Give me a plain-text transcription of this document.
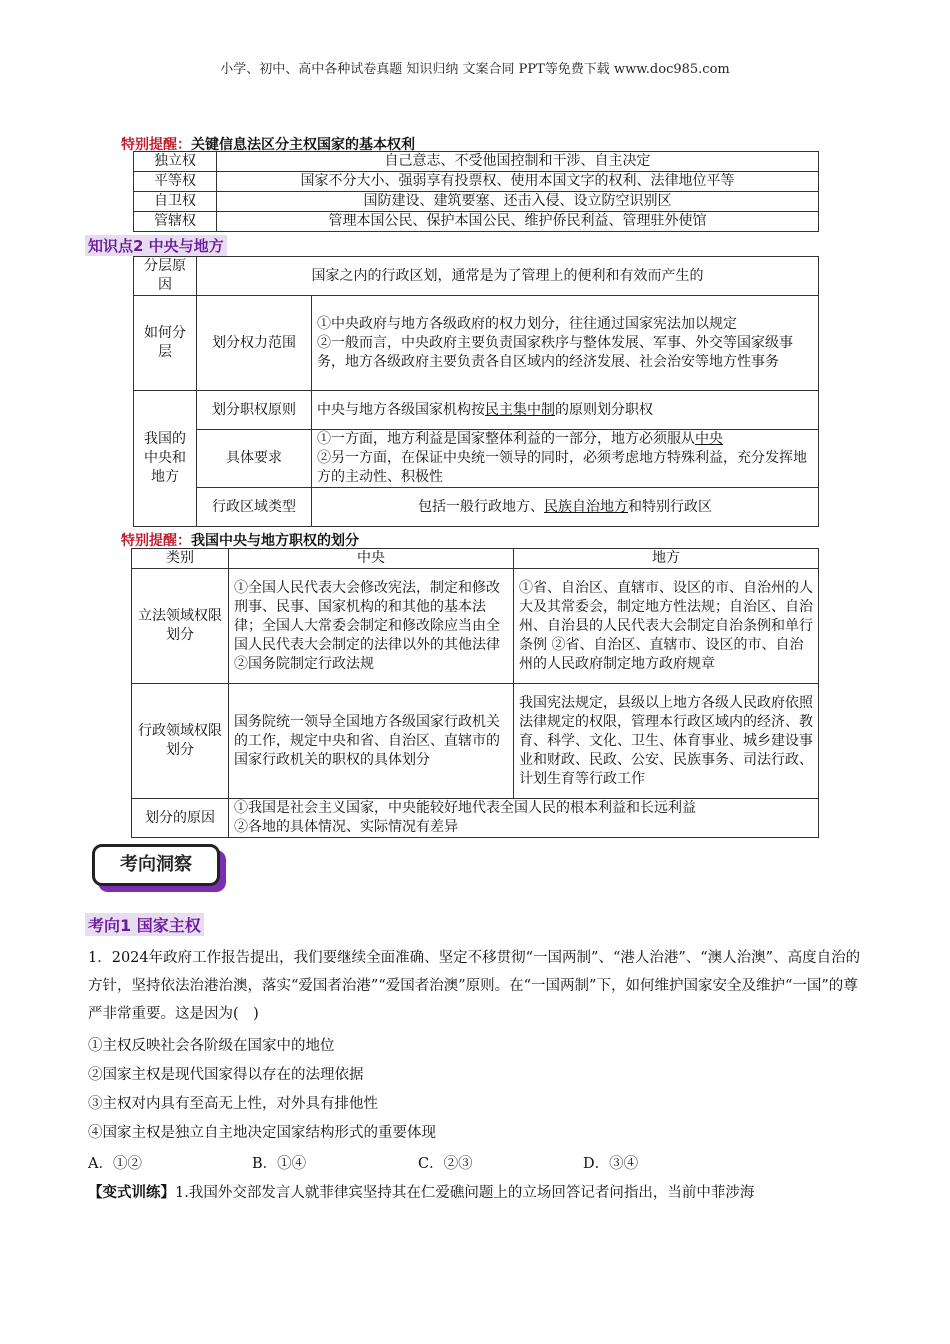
小学、初中、高中各种试卷真题 知识归纳 文案合同 PPT等免费下载 www.doc985.com
特别提醒：关键信息法区分主权国家的基本权利
独立权	自己意志、不受他国控制和干涉、自主决定
平等权	国家不分大小、强弱享有投票权、使用本国文字的权利、法律地位平等
自卫权	国防建设、建筑要塞、还击入侵、设立防空识别区
管辖权	管理本国公民、保护本国公民、维护侨民利益、管理驻外使馆
知识点2 中央与地方
分层原因	国家之内的行政区划，通常是为了管理上的便利和有效而产生的	
如何分层	划分权力范围	①中央政府与地方各级政府的权力划分，往往通过国家宪法加以规定
②一般而言，中央政府主要负责国家秩序与整体发展、军事、外交等国家级事务，地方各级政府主要负责各自区域内的经济发展、社会治安等地方性事务

我国的中央和地方	划分职权原则	中央与地方各级国家机构按民主集中制的原则划分职权
	具体要求	①一方面，地方利益是国家整体利益的一部分，地方必须服从中央
②另一方面，在保证中央统一领导的同时，必须考虑地方特殊利益，充分发挥地方的主动性、积极性

	行政区域类型	包括一般行政地方、民族自治地方和特别行政区
特别提醒：我国中央与地方职权的划分
类别	中央	地方
立法领域权限划分	①全国人民代表大会修改宪法，制定和修改刑事、民事、国家机构的和其他的基本法律；全国人大常委会制定和修改除应当由全国人民代表大会制定的法律以外的其他法律 ②国务院制定行政法规	①省、自治区、直辖市、设区的市、自治州的人大及其常委会，制定地方性法规；自治区、自治州、自治县的人民代表大会制定自治条例和单行条例 ②省、自治区、直辖市、设区的市、自治州的人民政府制定地方政府规章
行政领域权限划分	国务院统一领导全国地方各级国家行政机关的工作，规定中央和省、自治区、直辖市的国家行政机关的职权的具体划分	我国宪法规定，县级以上地方各级人民政府依照法律规定的权限，管理本行政区域内的经济、教育、科学、文化、卫生、体育事业、城乡建设事业和财政、民政、公安、民族事务、司法行政、计划生育等行政工作
划分的原因	①我国是社会主义国家，中央能较好地代表全国人民的根本利益和长远利益
②各地的具体情况、实际情况有差异	
考向洞察
考向1 国家主权
1．2024年政府工作报告提出，我们要继续全面准确、坚定不移贯彻“一国两制”、“港人治港”、“澳人治澳”、高度自治的方针，坚持依法治港治澳，落实“爱国者治港”“爱国者治澳”原则。在“一国两制”下，如何维护国家安全及维护“一国”的尊严非常重要。这是因为(　)
①主权反映社会各阶级在国家中的地位
②国家主权是现代国家得以存在的法理依据
③主权对内具有至高无上性，对外具有排他性
④国家主权是独立自主地决定国家结构形式的重要体现
A．①②	B．①④	C．②③	D．③④
【变式训练】1.我国外交部发言人就菲律宾坚持其在仁爱礁问题上的立场回答记者问指出，当前中菲涉海
